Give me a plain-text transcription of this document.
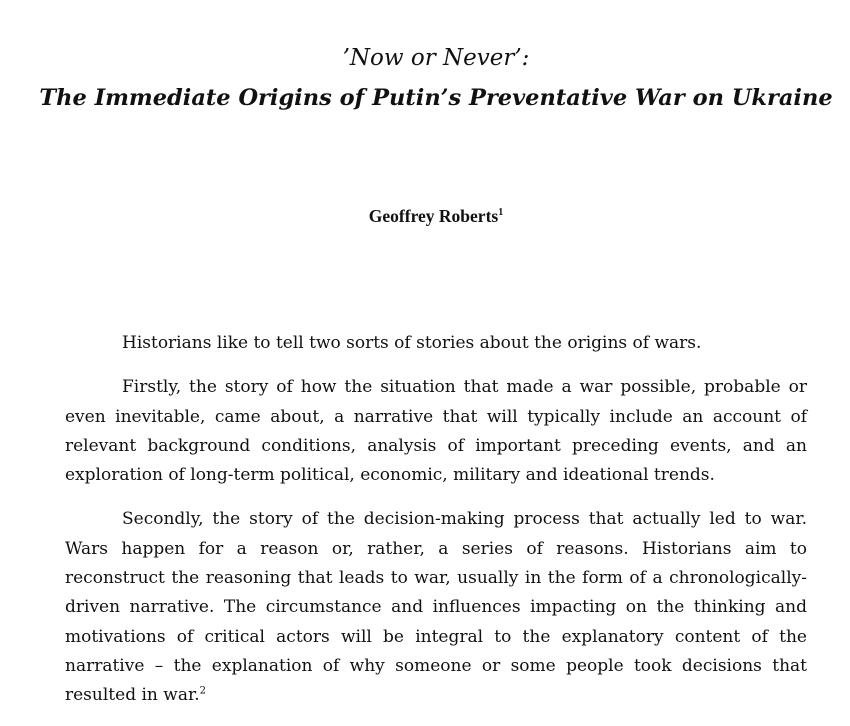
’Now or Never’:
The Immediate Origins of Putin’s Preventative War on Ukraine
Geoffrey Roberts$^1$

Historians like to tell two sorts of stories about the origins of wars.

Firstly, the story of how the situation that made a war possible, probable or even inevitable, came about, a narrative that will typically include an account of relevant background conditions, analysis of important preceding events, and an exploration of long-term political, economic, military and ideational trends.

Secondly, the story of the decision-making process that actually led to war. Wars happen for a reason or, rather, a series of reasons. Historians aim to reconstruct the reasoning that leads to war, usually in the form of a chronologically-driven narrative. The circumstance and influences impacting on the thinking and motivations of critical actors will be integral to the explanatory content of the narrative – the explanation of why someone or some people took decisions that resulted in war.$^2$
